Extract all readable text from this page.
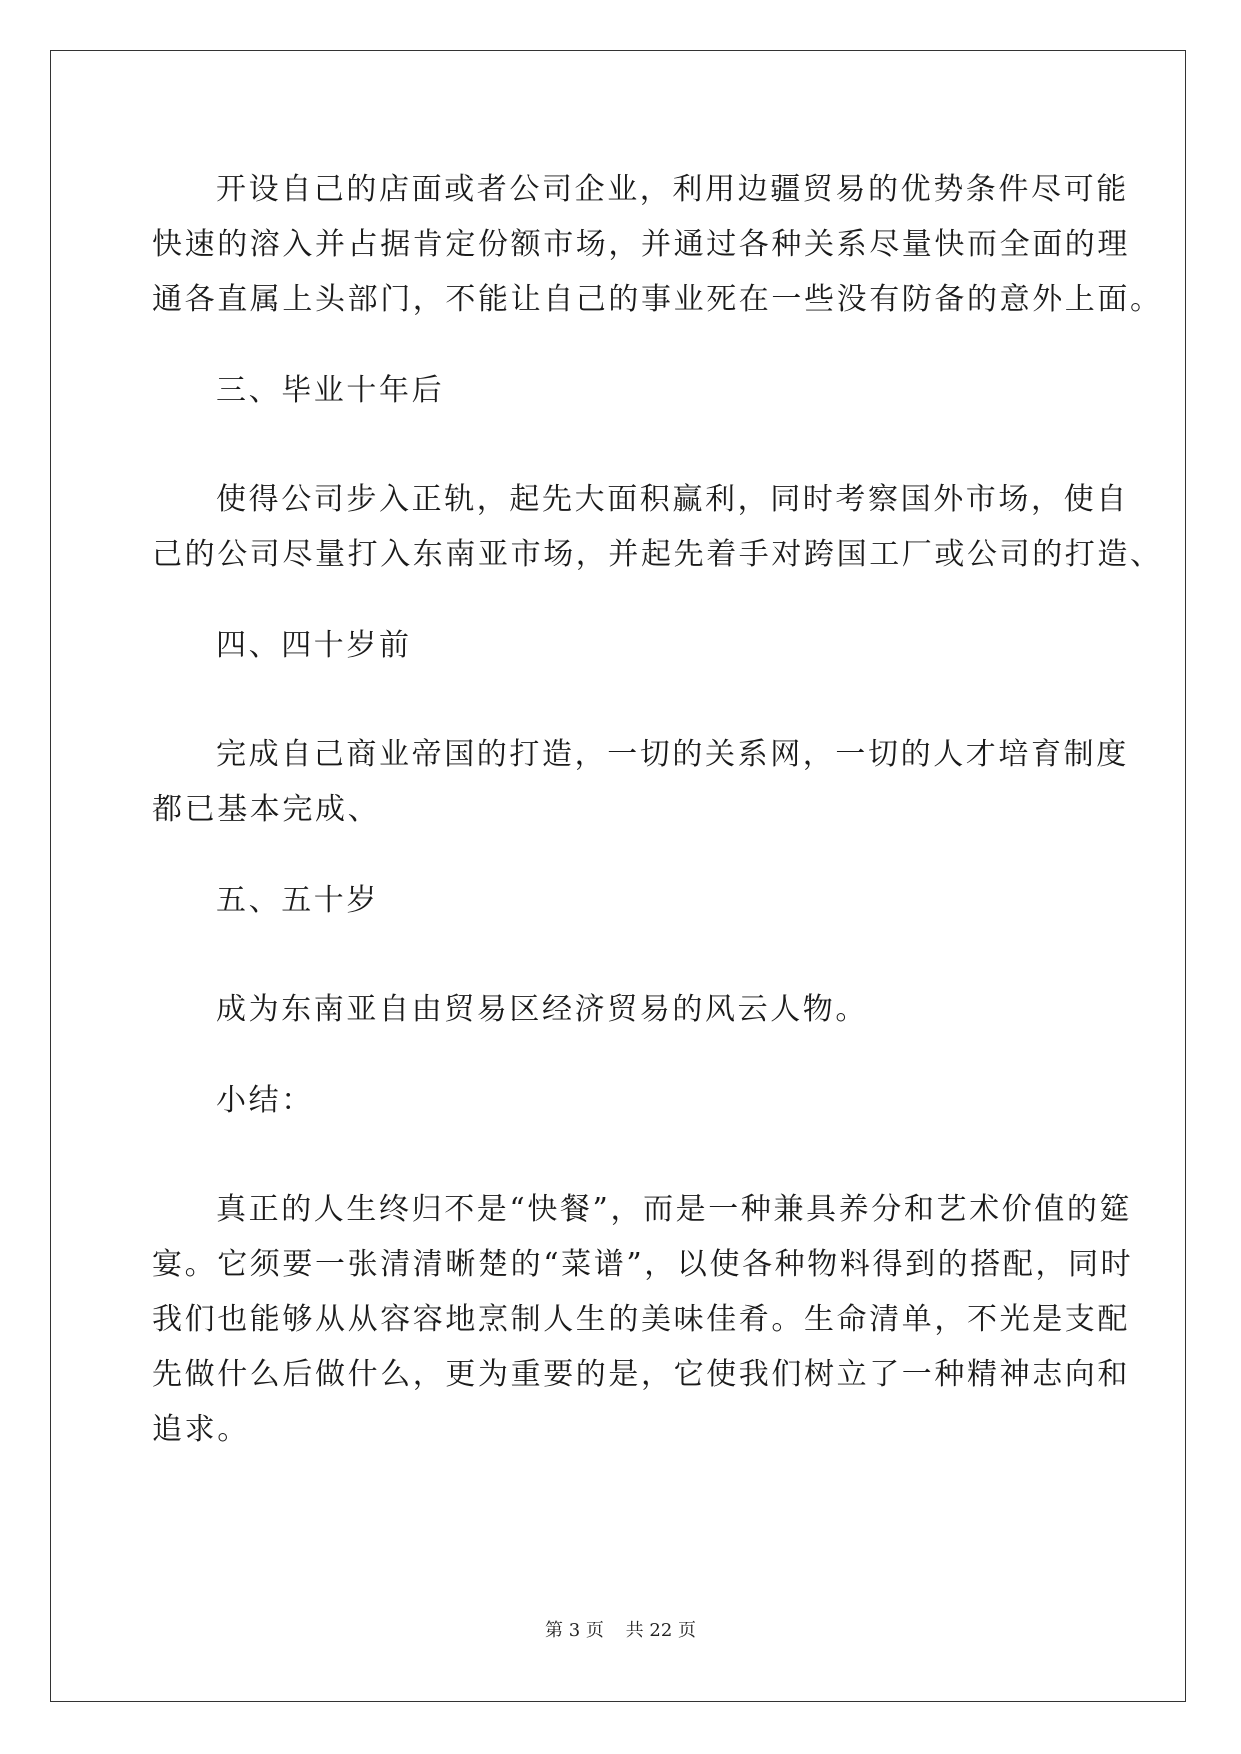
开设自己的店面或者公司企业，利用边疆贸易的优势条件尽可能
快速的溶入并占据肯定份额市场，并通过各种关系尽量快而全面的理
通各直属上头部门，不能让自己的事业死在一些没有防备的意外上面。
三、毕业十年后
使得公司步入正轨，起先大面积赢利，同时考察国外市场，使自
己的公司尽量打入东南亚市场，并起先着手对跨国工厂或公司的打造、
四、四十岁前
完成自己商业帝国的打造，一切的关系网，一切的人才培育制度
都已基本完成、
五、五十岁
成为东南亚自由贸易区经济贸易的风云人物。
小结：
真正的人生终归不是“快餐”，而是一种兼具养分和艺术价值的筵
宴。它须要一张清清晰楚的“菜谱”，以使各种物料得到的搭配，同时
我们也能够从从容容地烹制人生的美味佳肴。生命清单，不光是支配
先做什么后做什么，更为重要的是，它使我们树立了一种精神志向和
追求。
第 3 页 共 22 页
